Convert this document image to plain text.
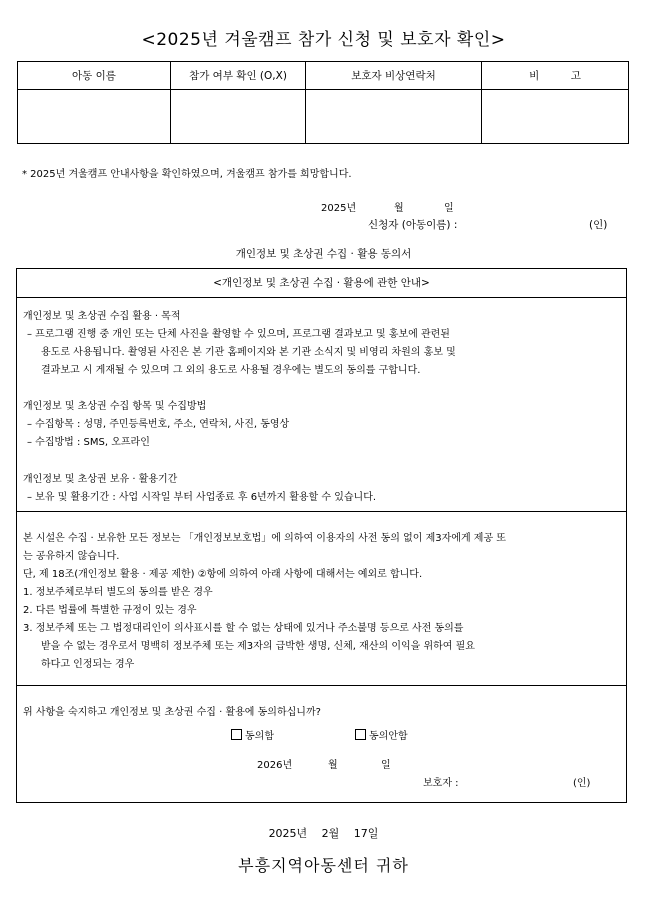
<2025년 겨울캠프 참가 신청 및 보호자 확인>
아동 이름	참가 여부 확인 (O,X)	보호자 비상연락처	비　　　고

* 2025년 겨울캠프 안내사항을 확인하였으며, 겨울캠프 참가를 희망합니다.
2025년	월	일
신청자 (아동이름) :	(인)
개인정보 및 초상권 수집 · 활용 동의서
<개인정보 및 초상권 수집 · 활용에 관한 안내>
개인정보 및 초상권 수집 활용 · 목적
– 프로그램 진행 중 개인 또는 단체 사진을 촬영할 수 있으며, 프로그램 결과보고 및 홍보에 관련된
용도로 사용됩니다. 촬영된 사진은 본 기관 홈페이지와 본 기관 소식지 및 비영리 차원의 홍보 및
결과보고 시 게재될 수 있으며 그 외의 용도로 사용될 경우에는 별도의 동의를 구합니다.
개인정보 및 초상권 수집 항목 및 수집방법
– 수집항목 : 성명, 주민등록번호, 주소, 연락처, 사진, 동영상
– 수집방법 : SMS, 오프라인
개인정보 및 초상권 보유 · 활용기간
– 보유 및 활용기간 : 사업 시작일 부터 사업종료 후 6년까지 활용할 수 있습니다.
본 시설은 수집 · 보유한 모든 정보는 「개인정보보호법」에 의하여 이용자의 사전 동의 없이 제3자에게 제공 또
는 공유하지 않습니다.
단, 제 18조(개인정보 활용 · 제공 제한) ②항에 의하여 아래 사항에 대해서는 예외로 합니다.
1. 정보주체로부터 별도의 동의를 받은 경우
2. 다른 법률에 특별한 규정이 있는 경우
3. 정보주체 또는 그 법정대리인이 의사표시를 할 수 없는 상태에 있거나 주소불명 등으로 사전 동의를
받을 수 없는 경우로서 명백히 정보주체 또는 제3자의 급박한 생명, 신체, 재산의 이익을 위하여 필요
하다고 인정되는 경우
위 사항을 숙지하고 개인정보 및 초상권 수집 · 활용에 동의하십니까?
동의함	동의안함
2026년	월	일
보호자 :	(인)
2025년　 2월　 17일
부흥지역아동센터 귀하
